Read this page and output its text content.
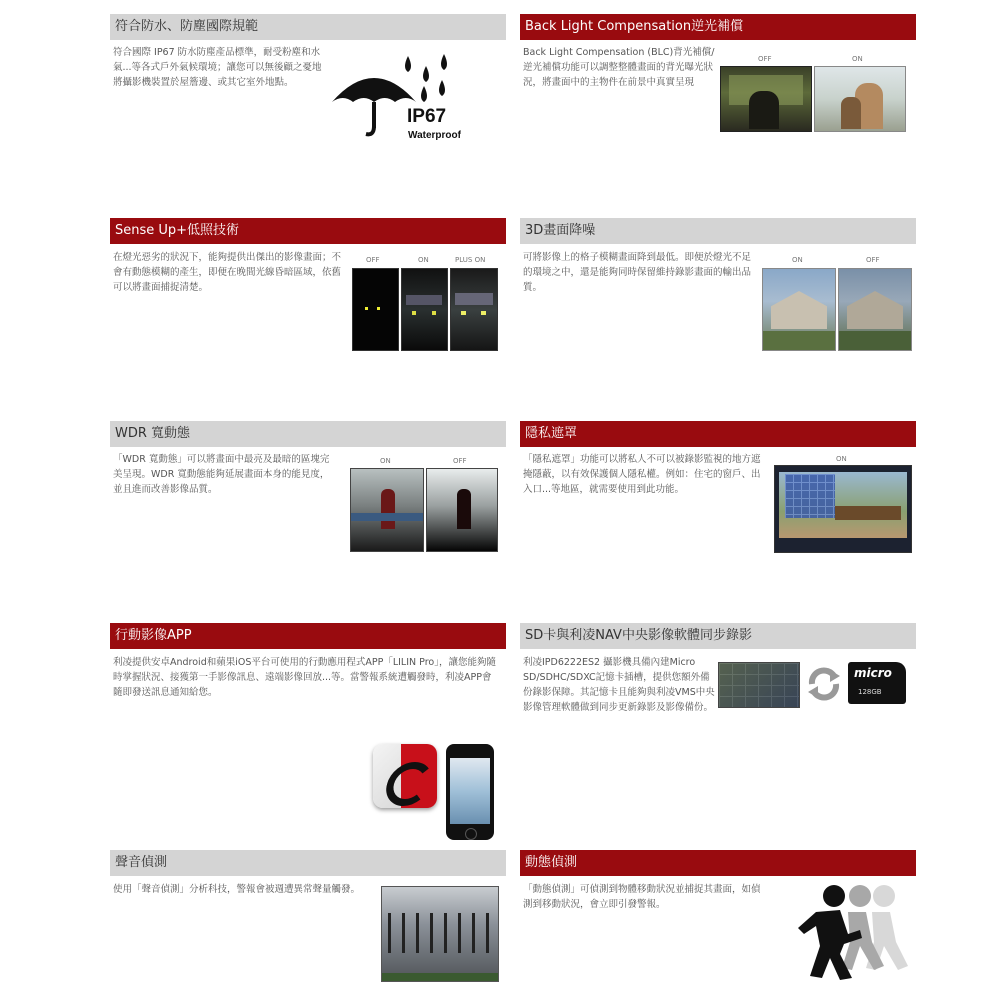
符合防水、防塵國際規範
符合國際 IP67 防水防塵產品標準，耐受粉塵和水氣...等各式戶外氣候環境；讓您可以無後顧之憂地將攝影機裝置於屋簷邊、或其它室外地點。
IP67
Waterproof
Back Light Compensation逆光補償
Back Light Compensation (BLC)背光補償/逆光補償功能可以調整整體畫面的背光曝光狀況，將畫面中的主物件在前景中真實呈現
OFF	ON
Sense Up+低照技術
在燈光惡劣的狀況下，能夠提供出傑出的影像畫面；不會有動態模糊的產生，即便在晚間光線昏暗區域，依舊可以將畫面捕捉清楚。
OFF	ON	PLUS ON
3D畫面降噪
可將影像上的格子模糊畫面降到最低。即便於燈光不足的環境之中，還是能夠同時保留維持錄影畫面的輸出品質。
ON	OFF
WDR 寬動態
「WDR 寬動態」可以將畫面中最亮及最暗的區塊完美呈現。WDR 寬動態能夠延展畫面本身的能見度，並且進而改善影像品質。
ON	OFF
隱私遮罩
「隱私遮罩」功能可以將私人不可以被錄影監視的地方遮掩隱蔽，以有效保護個人隱私權。例如：住宅的窗戶、出入口...等地區，就需要使用到此功能。
ON
行動影像APP
利凌提供安卓Android和蘋果iOS平台可使用的行動應用程式APP「LILIN Pro」，讓您能夠隨時掌握狀況、接獲第一手影像訊息、遠端影像回放...等。當警報系統遭觸發時，利凌APP會隨即發送訊息通知給您。
SD卡與利凌NAV中央影像軟體同步錄影
利凌IPD6222ES2 攝影機具備內建Micro SD/SDHC/SDXC記憶卡插槽，提供您額外備份錄影保障。其記憶卡且能夠與利凌VMS中央影像管理軟體做到同步更新錄影及影像備份。
micro
128GB
聲音偵測
使用「聲音偵測」分析科技，警報會被週遭異常聲量觸發。
動態偵測
「動態偵測」可偵測到物體移動狀況並捕捉其畫面，如偵測到移動狀況，會立即引發警報。
